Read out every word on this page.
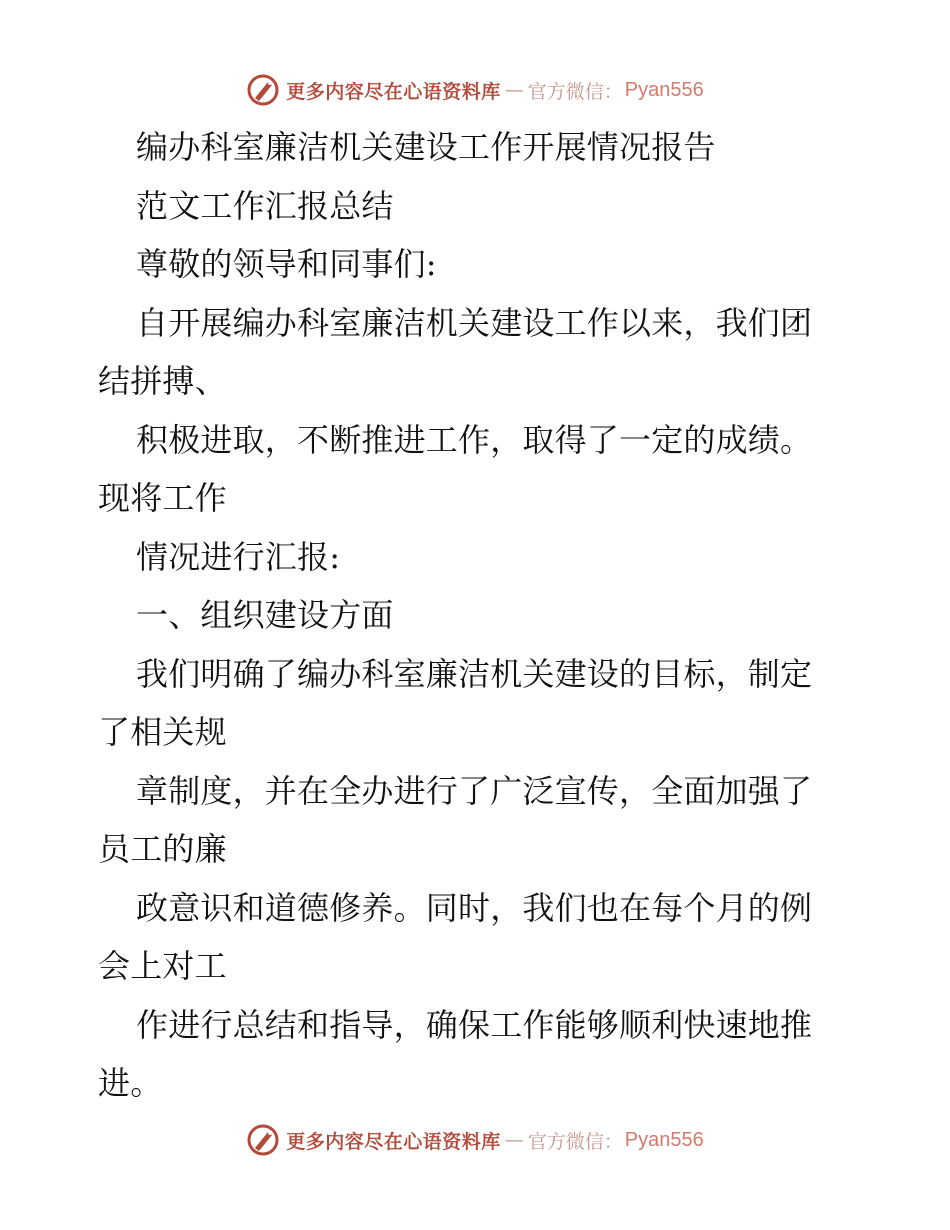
更多内容尽在心语资料库 — 官方微信： Pyan556
编办科室廉洁机关建设工作开展情况报告
范文工作汇报总结
尊敬的领导和同事们:
自开展编办科室廉洁机关建设工作以来，我们团
结拼搏、
积极进取，不断推进工作，取得了一定的成绩。
现将工作
情况进行汇报:
一、组织建设方面
我们明确了编办科室廉洁机关建设的目标，制定
了相关规
章制度，并在全办进行了广泛宣传，全面加强了
员工的廉
政意识和道德修养。同时，我们也在每个月的例
会上对工
作进行总结和指导，确保工作能够顺利快速地推
进。
更多内容尽在心语资料库 — 官方微信： Pyan556
